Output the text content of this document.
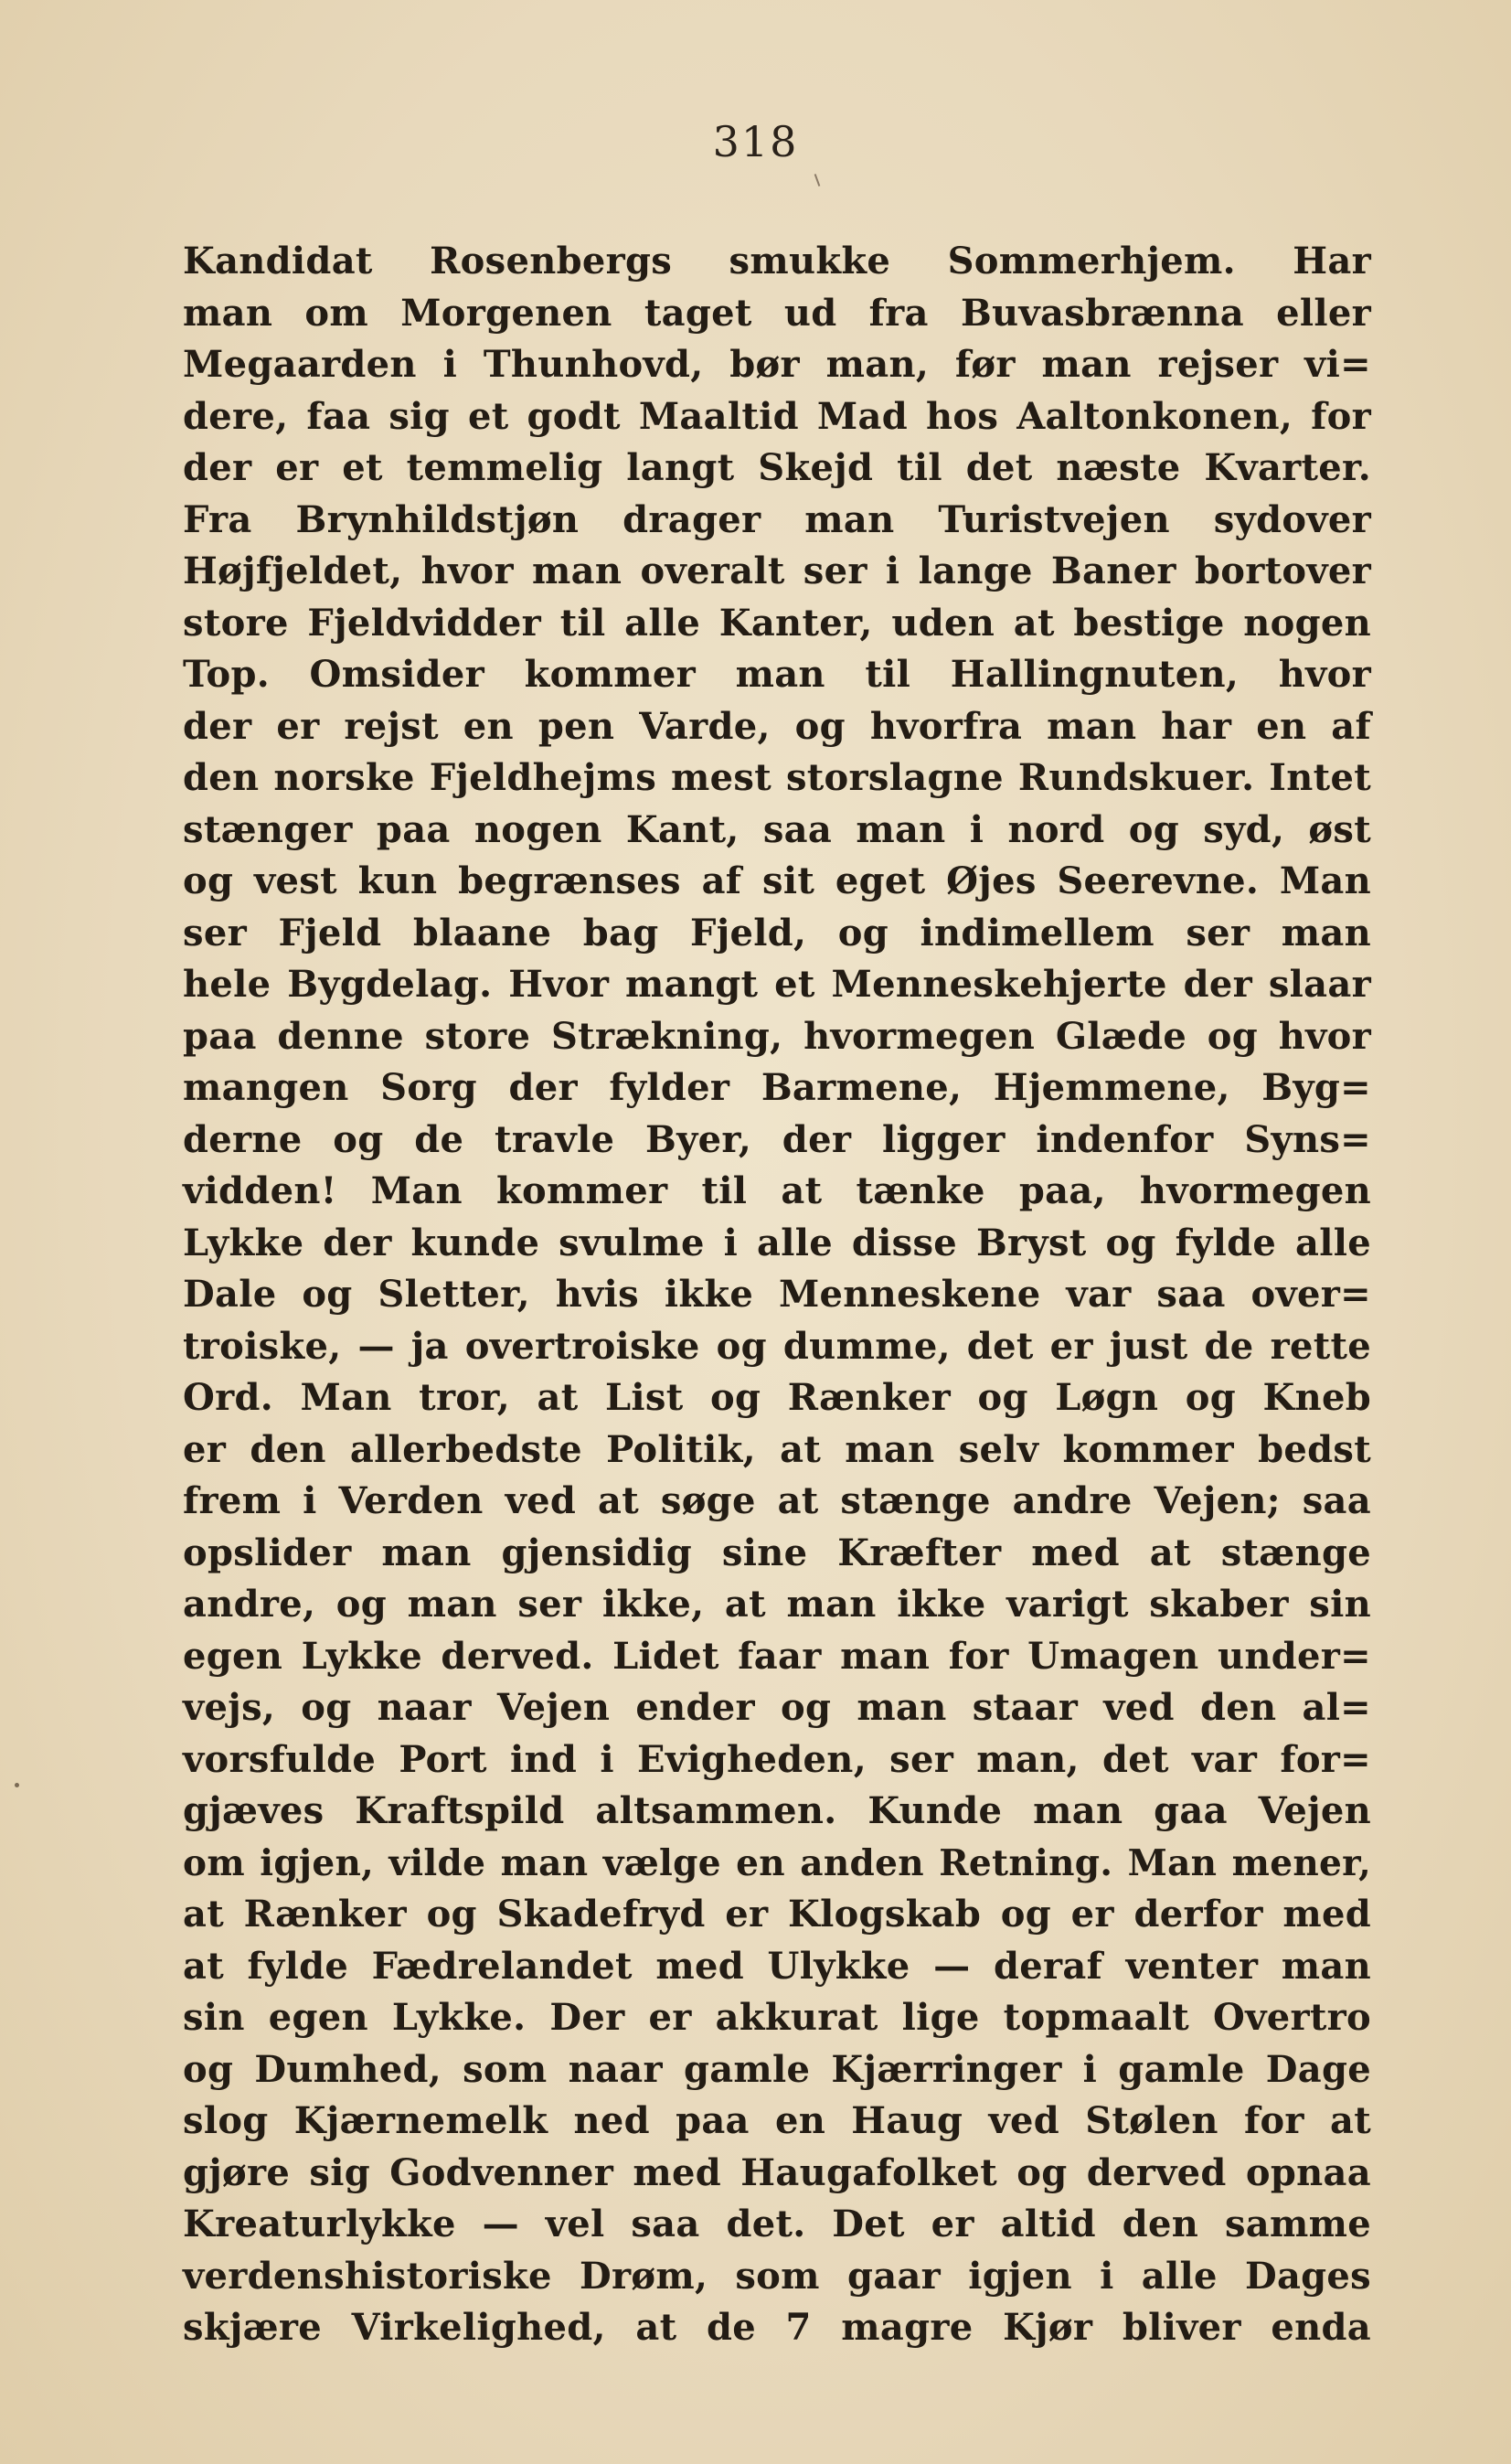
318
Kandidat Rosenbergs smukke Sommerhjem. Har
man om Morgenen taget ud fra Buvasbrænna eller
Megaarden i Thunhovd, bør man, før man rejser vi=
dere, faa sig et godt Maaltid Mad hos Aaltonkonen, for
der er et temmelig langt Skejd til det næste Kvarter.
Fra Brynhildstjøn drager man Turistvejen sydover
Højfjeldet, hvor man overalt ser i lange Baner bortover
store Fjeldvidder til alle Kanter, uden at bestige nogen
Top. Omsider kommer man til Hallingnuten, hvor
der er rejst en pen Varde, og hvorfra man har en af
den norske Fjeldhejms mest storslagne Rundskuer. Intet
stænger paa nogen Kant, saa man i nord og syd, øst
og vest kun begrænses af sit eget Øjes Seerevne. Man
ser Fjeld blaane bag Fjeld, og indimellem ser man
hele Bygdelag. Hvor mangt et Menneskehjerte der slaar
paa denne store Strækning, hvormegen Glæde og hvor
mangen Sorg der fylder Barmene, Hjemmene, Byg=
derne og de travle Byer, der ligger indenfor Syns=
vidden! Man kommer til at tænke paa, hvormegen
Lykke der kunde svulme i alle disse Bryst og fylde alle
Dale og Sletter, hvis ikke Menneskene var saa over=
troiske, — ja overtroiske og dumme, det er just de rette
Ord. Man tror, at List og Rænker og Løgn og Kneb
er den allerbedste Politik, at man selv kommer bedst
frem i Verden ved at søge at stænge andre Vejen; saa
opslider man gjensidig sine Kræfter med at stænge
andre, og man ser ikke, at man ikke varigt skaber sin
egen Lykke derved. Lidet faar man for Umagen under=
vejs, og naar Vejen ender og man staar ved den al=
vorsfulde Port ind i Evigheden, ser man, det var for=
gjæves Kraftspild altsammen. Kunde man gaa Vejen
om igjen, vilde man vælge en anden Retning. Man mener,
at Rænker og Skadefryd er Klogskab og er derfor med
at fylde Fædrelandet med Ulykke — deraf venter man
sin egen Lykke. Der er akkurat lige topmaalt Overtro
og Dumhed, som naar gamle Kjærringer i gamle Dage
slog Kjærnemelk ned paa en Haug ved Stølen for at
gjøre sig Godvenner med Haugafolket og derved opnaa
Kreaturlykke — vel saa det. Det er altid den samme
verdenshistoriske Drøm, som gaar igjen i alle Dages
skjære Virkelighed, at de 7 magre Kjør bliver enda
